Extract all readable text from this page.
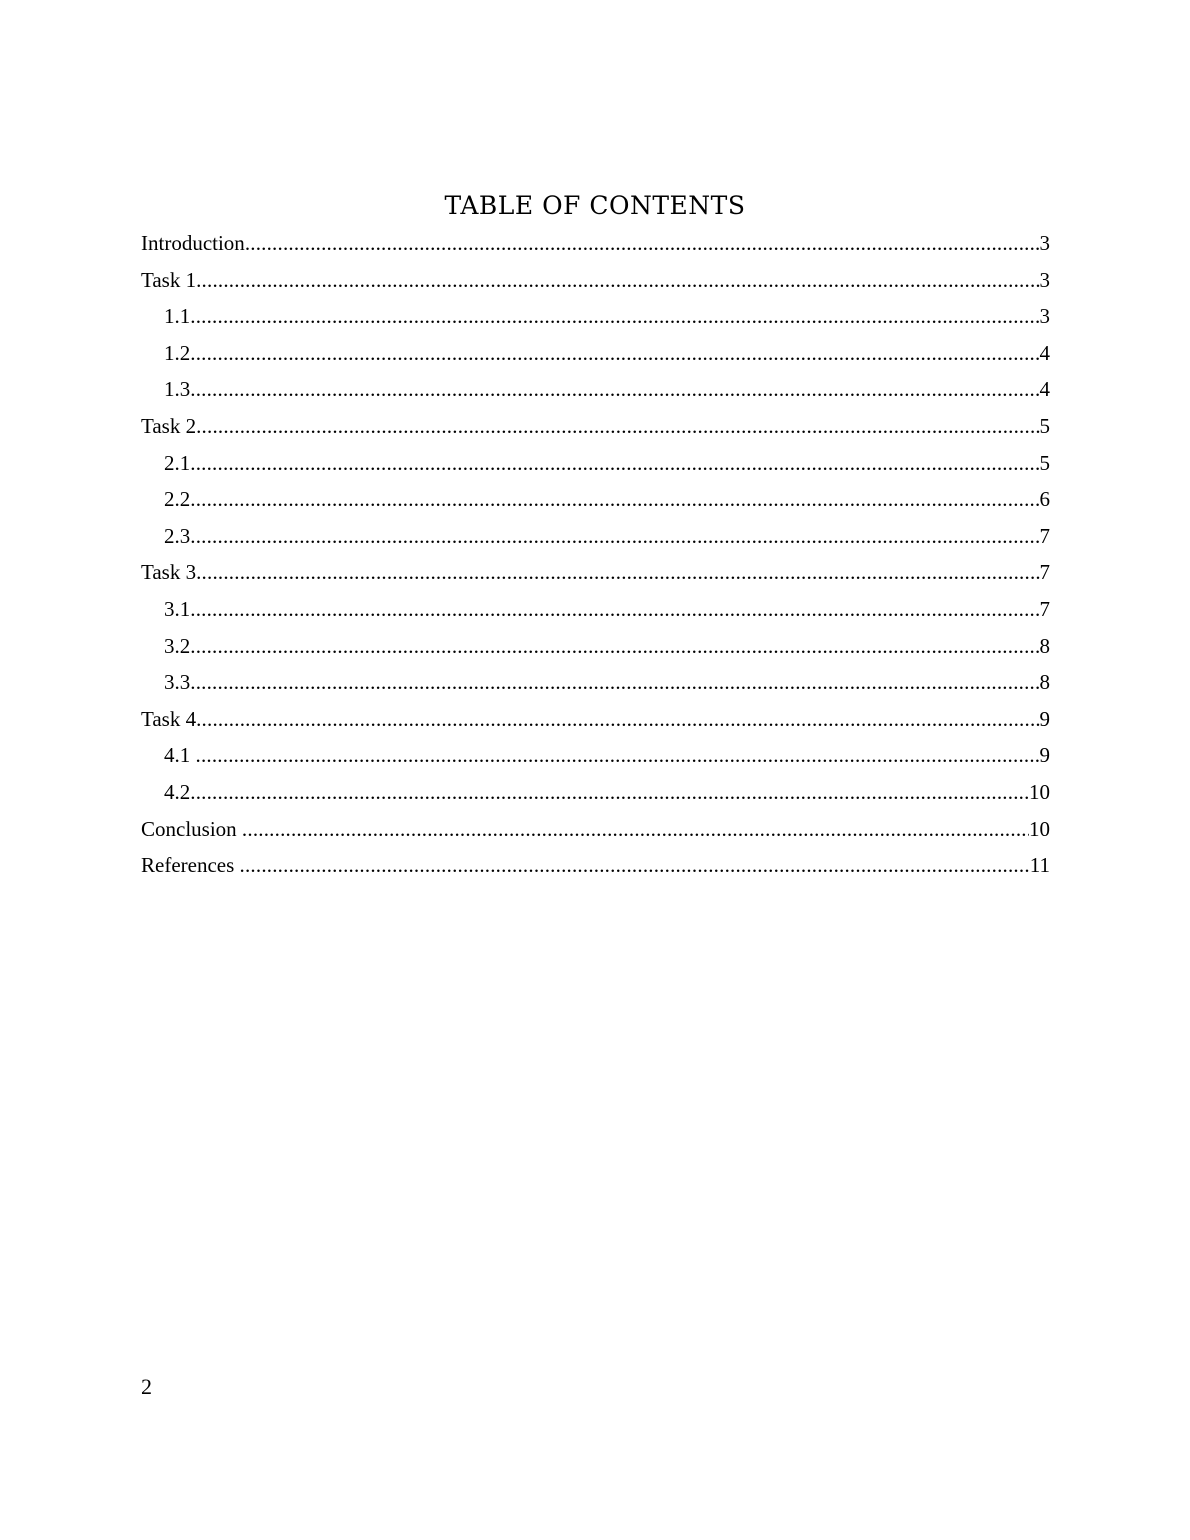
TABLE OF CONTENTS
Introduction .....	3
Task 1 .....	3
1.1 .....	3
1.2 .....	4
1.3 .....	4
Task 2 .....	5
2.1 .....	5
2.2 .....	6
2.3 .....	7
Task 3 .....	7
3.1 .....	7
3.2 .....	8
3.3 .....	8
Task 4 .....	9
4.1 .....	9
4.2 .....	10
Conclusion .....	10
References .....	11
2
